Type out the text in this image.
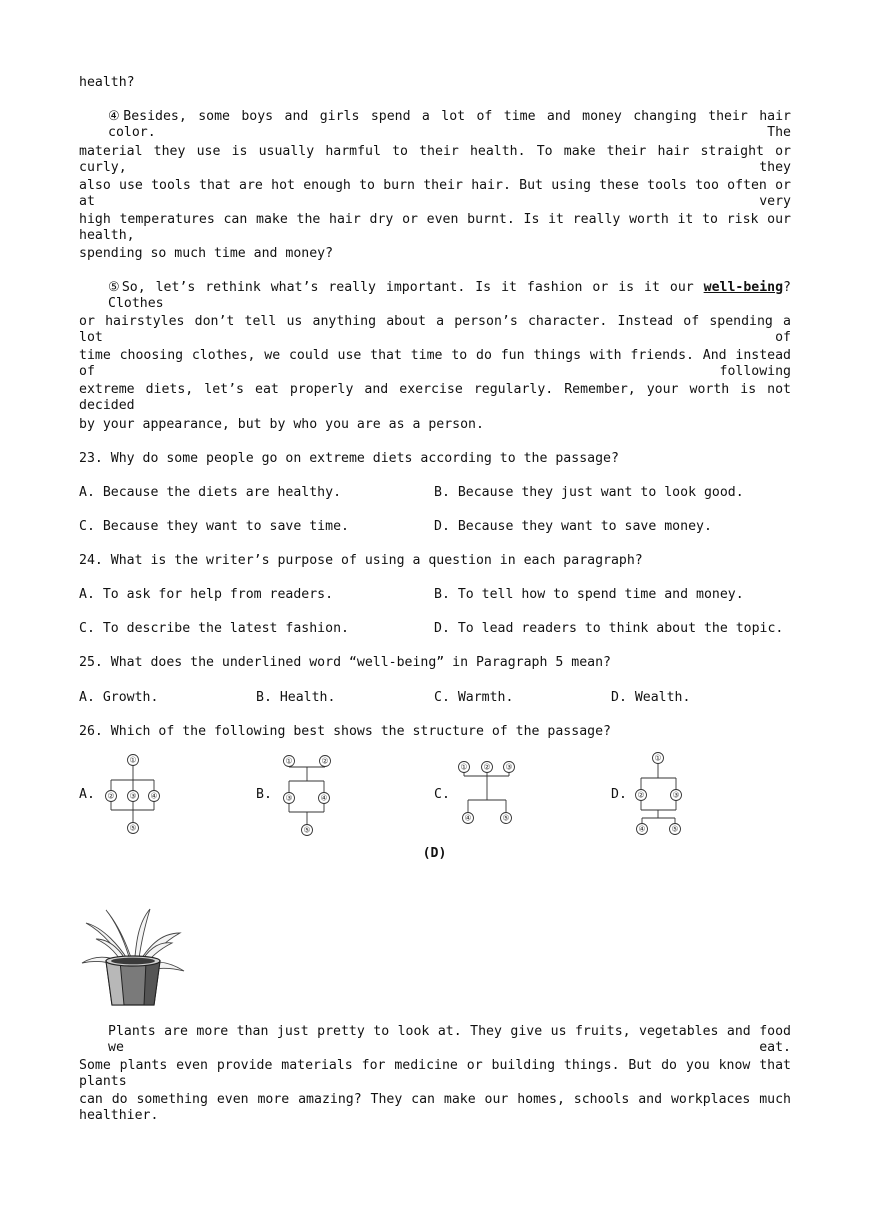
health?
④Besides, some boys and girls spend a lot of time and money changing their hair color. The
material they use is usually harmful to their health. To make their hair straight or curly, they
also use tools that are hot enough to burn their hair. But using these tools too often or at very
high temperatures can make the hair dry or even burnt. Is it really worth it to risk our health,
spending so much time and money?
⑤So, let’s rethink what’s really important. Is it fashion or is it our well-being? Clothes
or hairstyles don’t tell us anything about a person’s character. Instead of spending a lot of
time choosing clothes, we could use that time to do fun things with friends. And instead of following
extreme diets, let’s eat properly and exercise regularly. Remember, your worth is not decided
by your appearance, but by who you are as a person.
23. Why do some people go on extreme diets according to the passage?
A. Because the diets are healthy.	B. Because they just want to look good.
C. Because they want to save time.	D. Because they want to save money.
24. What is the writer’s purpose of using a question in each paragraph?
A. To ask for help from readers.	B. To tell how to spend time and money.
C. To describe the latest fashion.	D. To lead readers to think about the topic.
25. What does the underlined word “well-being” in Paragraph 5 mean?
A. Growth.	B. Health.	C. Warmth.	D. Wealth.
26. Which of the following best shows the structure of the passage?
A.
①
② ③ ④
⑤
B.
①	②
③	④
⑤
C.
① ② ③
④	⑤
D.
①
②	③
④	⑤
(D)
Plants are more than just pretty to look at. They give us fruits, vegetables and food we eat.
Some plants even provide materials for medicine or building things. But do you know that plants
can do something even more amazing? They can make our homes, schools and workplaces much healthier.
